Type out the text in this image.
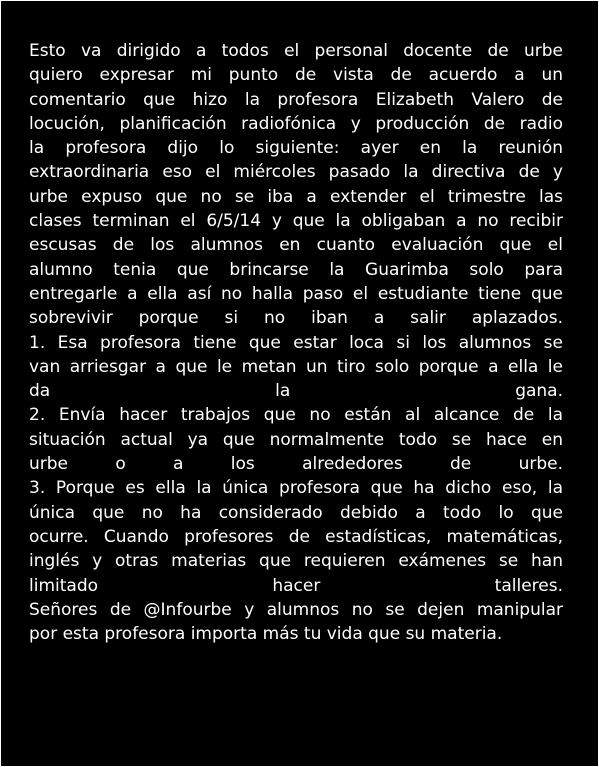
Esto va dirigido a todos el personal docente de urbe
quiero expresar mi punto de vista de acuerdo a un
comentario que hizo la profesora Elizabeth Valero de
locución, planificación radiofónica y producción de radio
la profesora dijo lo siguiente: ayer en la reunión
extraordinaria eso el miércoles pasado la directiva de y
urbe expuso que no se iba a extender el trimestre las
clases terminan el 6/5/14 y que la obligaban a no recibir
escusas de los alumnos en cuanto evaluación que el
alumno tenia que brincarse la Guarimba solo para
entregarle a ella así no halla paso el estudiante tiene que
sobrevivir porque si no iban a salir aplazados.
1. Esa profesora tiene que estar loca si los alumnos se
van arriesgar a que le metan un tiro solo porque a ella le
da la gana.
2. Envía hacer trabajos que no están al alcance de la
situación actual ya que normalmente todo se hace en
urbe o a los alrededores de urbe.
3. Porque es ella la única profesora que ha dicho eso, la
única que no ha considerado debido a todo lo que
ocurre. Cuando profesores de estadísticas, matemáticas,
inglés y otras materias que requieren exámenes se han
limitado hacer talleres.
Señores de @Infourbe y alumnos no se dejen manipular
por esta profesora importa más tu vida que su materia.
